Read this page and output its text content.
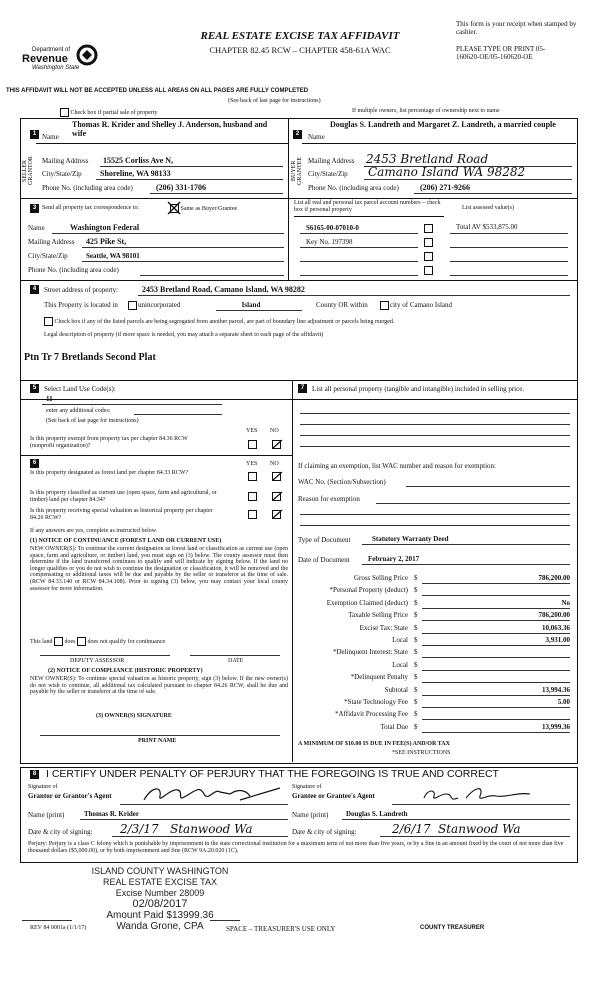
Department of
Revenue
Washington State
REAL ESTATE EXCISE TAX AFFIDAVIT
CHAPTER 82.45 RCW – CHAPTER 458-61A WAC
This form is your receipt when stamped by cashier.
PLEASE TYPE OR PRINT 05-160620-OE/05-160620-OE
THIS AFFIDAVIT WILL NOT BE ACCEPTED UNLESS ALL AREAS ON ALL PAGES ARE FULLY COMPLETED
(See back of last page for instructions)
Check box if partial sale of property	If multiple owners, list percentage of ownership next to name
SELLER GRANTOR
1 Name
Thomas R. Krider and Shelley J. Anderson, husband and wife
Mailing Address 15525 Corliss Ave N,
City/State/Zip Shoreline, WA 98133
Phone No. (including area code)	(206) 331-1706
BUYER GRANTEE
2	Name
Douglas S. Landreth and Margaret Z. Landreth, a married couple
Mailing Address 2453 Bretland Road
City/State/Zip Camano Island WA 98282
Phone No. (including area code)	(206) 271-9266
3 Send all property tax correspondence to:	Same as Buyer/Grantee
Name	Washington Federal
Mailing Address 425 Pike St,
City/State/Zip	Seattle, WA 98101
Phone No. (including area code)
List all real and personal tax parcel account numbers – check box if personal property	List assessed value(s)
S6165-00-07010-0	Total AV $533,875.00
Key No. 197398
4	Street address of property:	2453 Bretland Road, Camano Island, WA 98282
This Property is located in	unincorporated	Island	County OR within	city of Camano Island
Check box if any of the listed parcels are being segregated from another parcel, are part of boundary line adjustment or parcels being merged.
Legal description of property (if more space is needed, you may attach a separate sheet to each page of the affidavit)
Ptn Tr 7 Bretlands Second Plat
5	Select Land Use Code(s):
11
enter any additional codes:
(See back of last page for instructions)
YES NO
Is this property exempt from property tax per chapter 84.36 RCW (nonprofit organization)?
6	YES NO
Is this property designated as forest land per chapter 84.33 RCW?
Is this property classified as current use (open space, farm and agricultural, or timber) land per chapter 84.34?
Is this property receiving special valuation as historical property per chapter 84.26 RCW?
If any answers are yes, complete as instructed below.
(1) NOTICE OF CONTINUANCE (FOREST LAND OR CURRENT USE)
NEW OWNER(S): To continue the current designation as forest land or classification as current use (open space, farm and agriculture, or timber) land, you must sign on (3) below. The county assessor must then determine if the land transferred continues to qualify and will indicate by signing below. If the land no longer qualifies or you do not wish to continue the designation or classification, it will be removed and the compensating or additional taxes will be due and payable by the seller or transferor at the time of sale. (RCW 84.33.140 or RCW 84.34.108). Prior to signing (3) below, you may contact your local county assessor for more information.
This land does does not qualify for continuance
DEPUTY ASSESSOR	DATE
(2) NOTICE OF COMPLIANCE (HISTORIC PROPERTY)
NEW OWNER(S): To continue special valuation as historic property, sign (3) below. If the new owner(s) do not wish to continue, all additional tax calculated pursuant to chapter 84.26 RCW, shall be due and payable by the seller or transferor at the time of sale.
(3) OWNER(S) SIGNATURE
PRINT NAME
7	List all personal property (tangible and intangible) included in selling price.
If claiming an exemption, list WAC number and reason for exemption:
WAC No. (Section/Subsection)
Reason for exemption
Type of Document	Statutory Warranty Deed
Date of Document	February 2, 2017
Gross Selling Price $	786,200.00
*Personal Property (deduct) $
Exemption Claimed (deduct) $	No
Taxable Selling Price $	786,200.00
Excise Tax: State $	10,063.36
Local $	3,931.00
*Delinquent Interest: State $
Local $
*Delinquent Penalty $
Subtotal $	13,994.36
*State Technology Fee $	5.00
*Affidavit Processing Fee $
Total Due $	13,999.36
A MINIMUM OF $10.00 IS DUE IN FEE(S) AND/OR TAX
*SEE INSTRUCTIONS
8 I CERTIFY UNDER PENALTY OF PERJURY THAT THE FOREGOING IS TRUE AND CORRECT
Signature of
Grantor or Grantor's Agent
Signature of
Grantee or Grantee's Agent
Name (print)	Thomas R. Krider	Name (print)	Douglas S. Landreth
Date & city of signing: 2/3/17 Stanwood Wa	Date & city of signing:	2/6/17 Stanwood Wa
Perjury: Perjury is a class C felony which is punishable by imprisonment in the state correctional institution for a maximum term of not more than five years, or by a fine in an amount fixed by the court of not more than five thousand dollars ($5,000.00), or by both imprisonment and fine (RCW 9A.20.020 (1C).
ISLAND COUNTY WASHINGTON
REAL ESTATE EXCISE TAX
Excise Number 28009
02/08/2017
Amount Paid $13999.36
Wanda Grone, CPA
REV 84 0001a (1/1/17)	SPACE – TREASURER'S USE ONLY	COUNTY TREASURER
